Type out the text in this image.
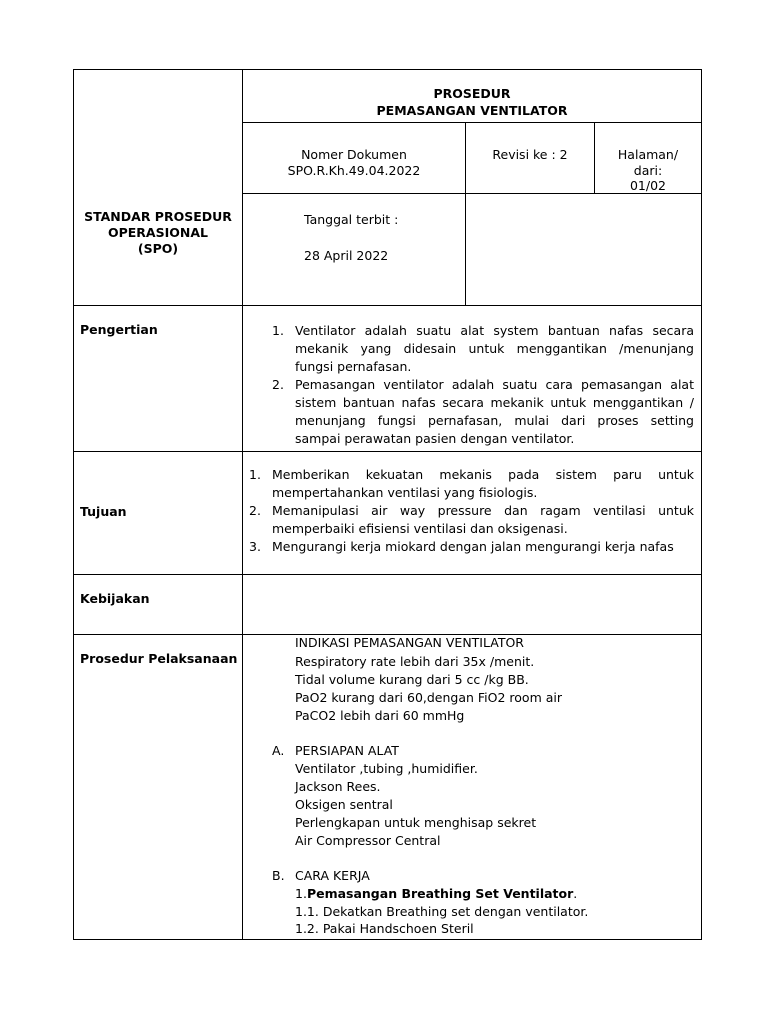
PROSEDUR
PEMASANGAN VENTILATOR
Nomer Dokumen
SPO.R.Kh.49.04.2022
Revisi ke : 2	Halaman/
dari:
01/02
STANDAR PROSEDUR
OPERASIONAL
(SPO)
Tanggal terbit :
28 April 2022
Pengertian	1. Ventilator adalah suatu alat system bantuan nafas secara
mekanik yang didesain untuk menggantikan /menunjang
fungsi pernafasan.
2. Pemasangan ventilator adalah suatu cara pemasangan alat
sistem bantuan nafas secara mekanik untuk menggantikan /
menunjang fungsi pernafasan, mulai dari proses setting
sampai perawatan pasien dengan ventilator.
Tujuan
1. Memberikan kekuatan mekanis pada sistem paru untuk
mempertahankan ventilasi yang fisiologis.
2. Memanipulasi air way pressure dan ragam ventilasi untuk
memperbaiki efisiensi ventilasi dan oksigenasi.
3. Mengurangi kerja miokard dengan jalan mengurangi kerja nafas
Kebijakan
Prosedur Pelaksanaan
INDIKASI PEMASANGAN VENTILATOR
Respiratory rate lebih dari 35x /menit.
Tidal volume kurang dari 5 cc /kg BB.
PaO2 kurang dari 60,dengan FiO2 room air
PaCO2 lebih dari 60 mmHg
A. PERSIAPAN ALAT
Ventilator ,tubing ,humidifier.
Jackson Rees.
Oksigen sentral
Perlengkapan untuk menghisap sekret
Air Compressor Central
B. CARA KERJA
1.Pemasangan Breathing Set Ventilator.
1.1. Dekatkan Breathing set dengan ventilator.
1.2. Pakai Handschoen Steril
